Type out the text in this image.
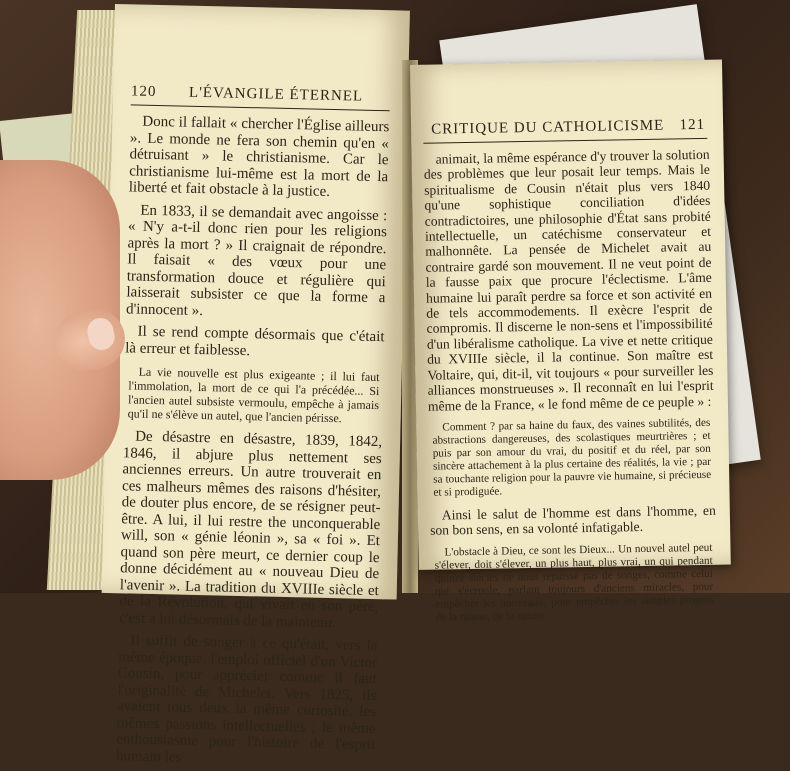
120 L'ÉVANGILE ÉTERNEL

Donc il fallait « chercher l'Église ailleurs ». Le monde ne fera son chemin qu'en « détruisant » le christianisme. Car le christianisme lui-même est la mort de la liberté et fait obstacle à la justice.

En 1833, il se demandait avec angoisse : « N'y a-t-il donc rien pour les religions après la mort ? » Il craignait de répondre. Il faisait « des vœux pour une transformation douce et régulière qui laisserait subsister ce que la forme a d'innocent ».

Il se rend compte désormais que c'était là erreur et faiblesse.

La vie nouvelle est plus exigeante ; il lui faut l'immolation, la mort de ce qui l'a précédée... Si l'ancien autel subsiste vermoulu, empêche à jamais qu'il ne s'élève un autel, que l'ancien périsse.

De désastre en désastre, 1839, 1842, 1846, il abjure plus nettement ses anciennes erreurs. Un autre trouverait en ces malheurs mêmes des raisons d'hésiter, de douter plus encore, de se résigner peut-être. A lui, il lui restre the unconquerable will, son « génie léonin », sa « foi ». Et quand son père meurt, ce dernier coup le donne décidément au « nouveau Dieu de l'avenir ». La tradition du XVIIIe siècle et de la Révolution, qui vivait en son père, c'est à lui désormais de la maintenir.

Il suffit de songer à ce qu'était, vers la même époque, l'emploi officiel d'un Victor Cousin, pour apprécier comme il faut l'originalité de Michelet. Vers 1825, ils avaient tous deux la même curiosité, les mêmes passions intellectuelles ; le même enthousiasme pour l'histoire de l'esprit humain les

CRITIQUE DU CATHOLICISME 121

animait, la même espérance d'y trouver la solution des problèmes que leur posait leur temps. Mais le spiritualisme de Cousin n'était plus vers 1840 qu'une sophistique conciliation d'idées contradictoires, une philosophie d'État sans probité intellectuelle, un catéchisme conservateur et malhonnête. La pensée de Michelet avait au contraire gardé son mouvement. Il ne veut point de la fausse paix que procure l'éclectisme. L'âme humaine lui paraît perdre sa force et son activité en de tels accommodements. Il exècre l'esprit de compromis. Il discerne le non-sens et l'impossibilité d'un libéralisme catholique. La vive et nette critique du XVIIIe siècle, il la continue. Son maître est Voltaire, qui, dit-il, vit toujours « pour surveiller les alliances monstrueuses ». Il reconnaît en lui l'esprit même de la France, « le fond même de ce peuple » :

Comment ? par sa haine du faux, des vaines subtilités, des abstractions dangereuses, des scolastiques meurtrières ; et puis par son amour du vrai, du positif et du réel, par son sincère attachement à la plus certaine des réalités, la vie ; par sa touchante religion pour la pauvre vie humaine, si précieuse et si prodiguée.

Ainsi le salut de l'homme est dans l'homme, en son bon sens, en sa volonté infatigable.

L'obstacle à Dieu, ce sont les Dieux... Un nouvel autel peut s'élever, doit s'élever, un plus haut, plus vrai, un qui pendant quinze siècles ne nous repaisse pas de songes, comme celui qui s'écroule, parlant toujours d'anciens miracles, pour empêcher les nouveaux, pour empêcher les simples progrès de la raison, de la nature.
